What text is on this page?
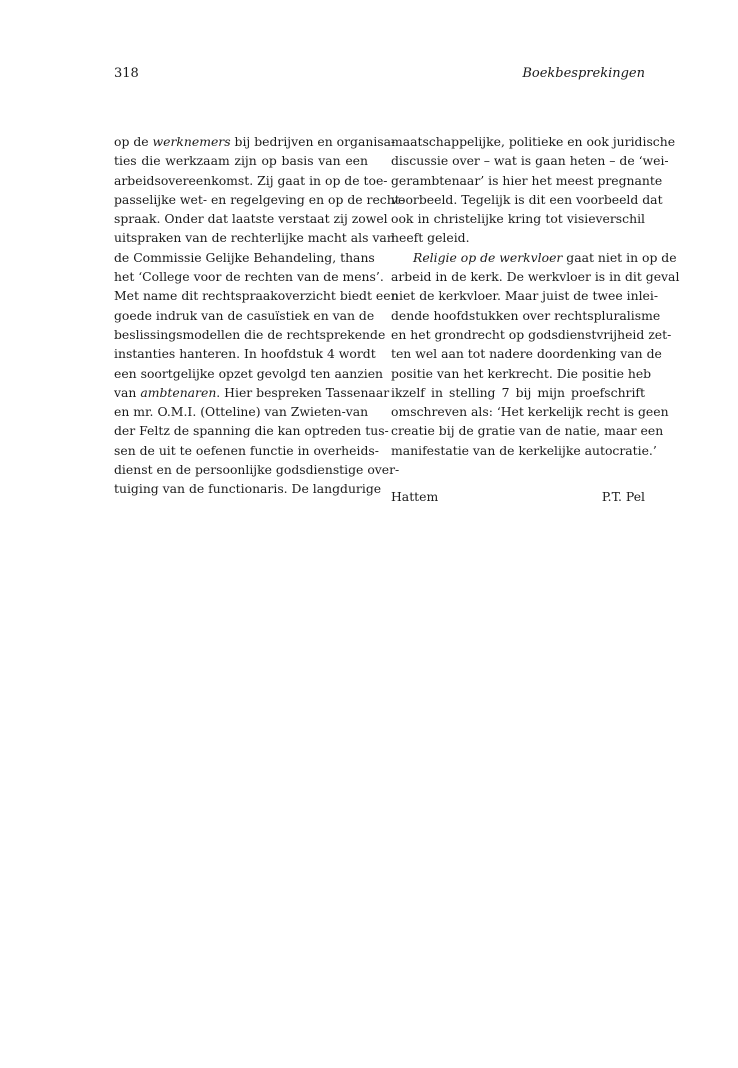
318	Boekbesprekingen
op de werknemers bij bedrijven en organisa-
ties die werkzaam zijn op basis van een
arbeidsovereenkomst. Zij gaat in op de toe-
passelijke wet- en regelgeving en op de recht-
spraak. Onder dat laatste verstaat zij zowel
uitspraken van de rechterlijke macht als van
de Commissie Gelijke Behandeling, thans
het ‘College voor de rechten van de mens’.
Met name dit rechtspraakoverzicht biedt een
goede indruk van de casuïstiek en van de
beslissingsmodellen die de rechtsprekende
instanties hanteren. In hoofdstuk 4 wordt
een soortgelijke opzet gevolgd ten aanzien
van ambtenaren. Hier bespreken Tassenaar
en mr. O.M.I. (Otteline) van Zwieten-van
der Feltz de spanning die kan optreden tus-
sen de uit te oefenen functie in overheids-
dienst en de persoonlijke godsdienstige over-
tuiging van de functionaris. De langdurige
maatschappelijke, politieke en ook juridische
discussie over – wat is gaan heten – de ‘wei-
gerambtenaar’ is hier het meest pregnante
voorbeeld. Tegelijk is dit een voorbeeld dat
ook in christelijke kring tot visieverschil
heeft geleid.
Religie op de werkvloer gaat niet in op de
arbeid in de kerk. De werkvloer is in dit geval
niet de kerkvloer. Maar juist de twee inlei-
dende hoofdstukken over rechtspluralisme
en het grondrecht op godsdienstvrijheid zet-
ten wel aan tot nadere doordenking van de
positie van het kerkrecht. Die positie heb
ikzelf in stelling 7 bij mijn proefschrift
omschreven als: ‘Het kerkelijk recht is geen
creatie bij de gratie van de natie, maar een
manifestatie van de kerkelijke autocratie.’
Hattem	P.T. Pel
